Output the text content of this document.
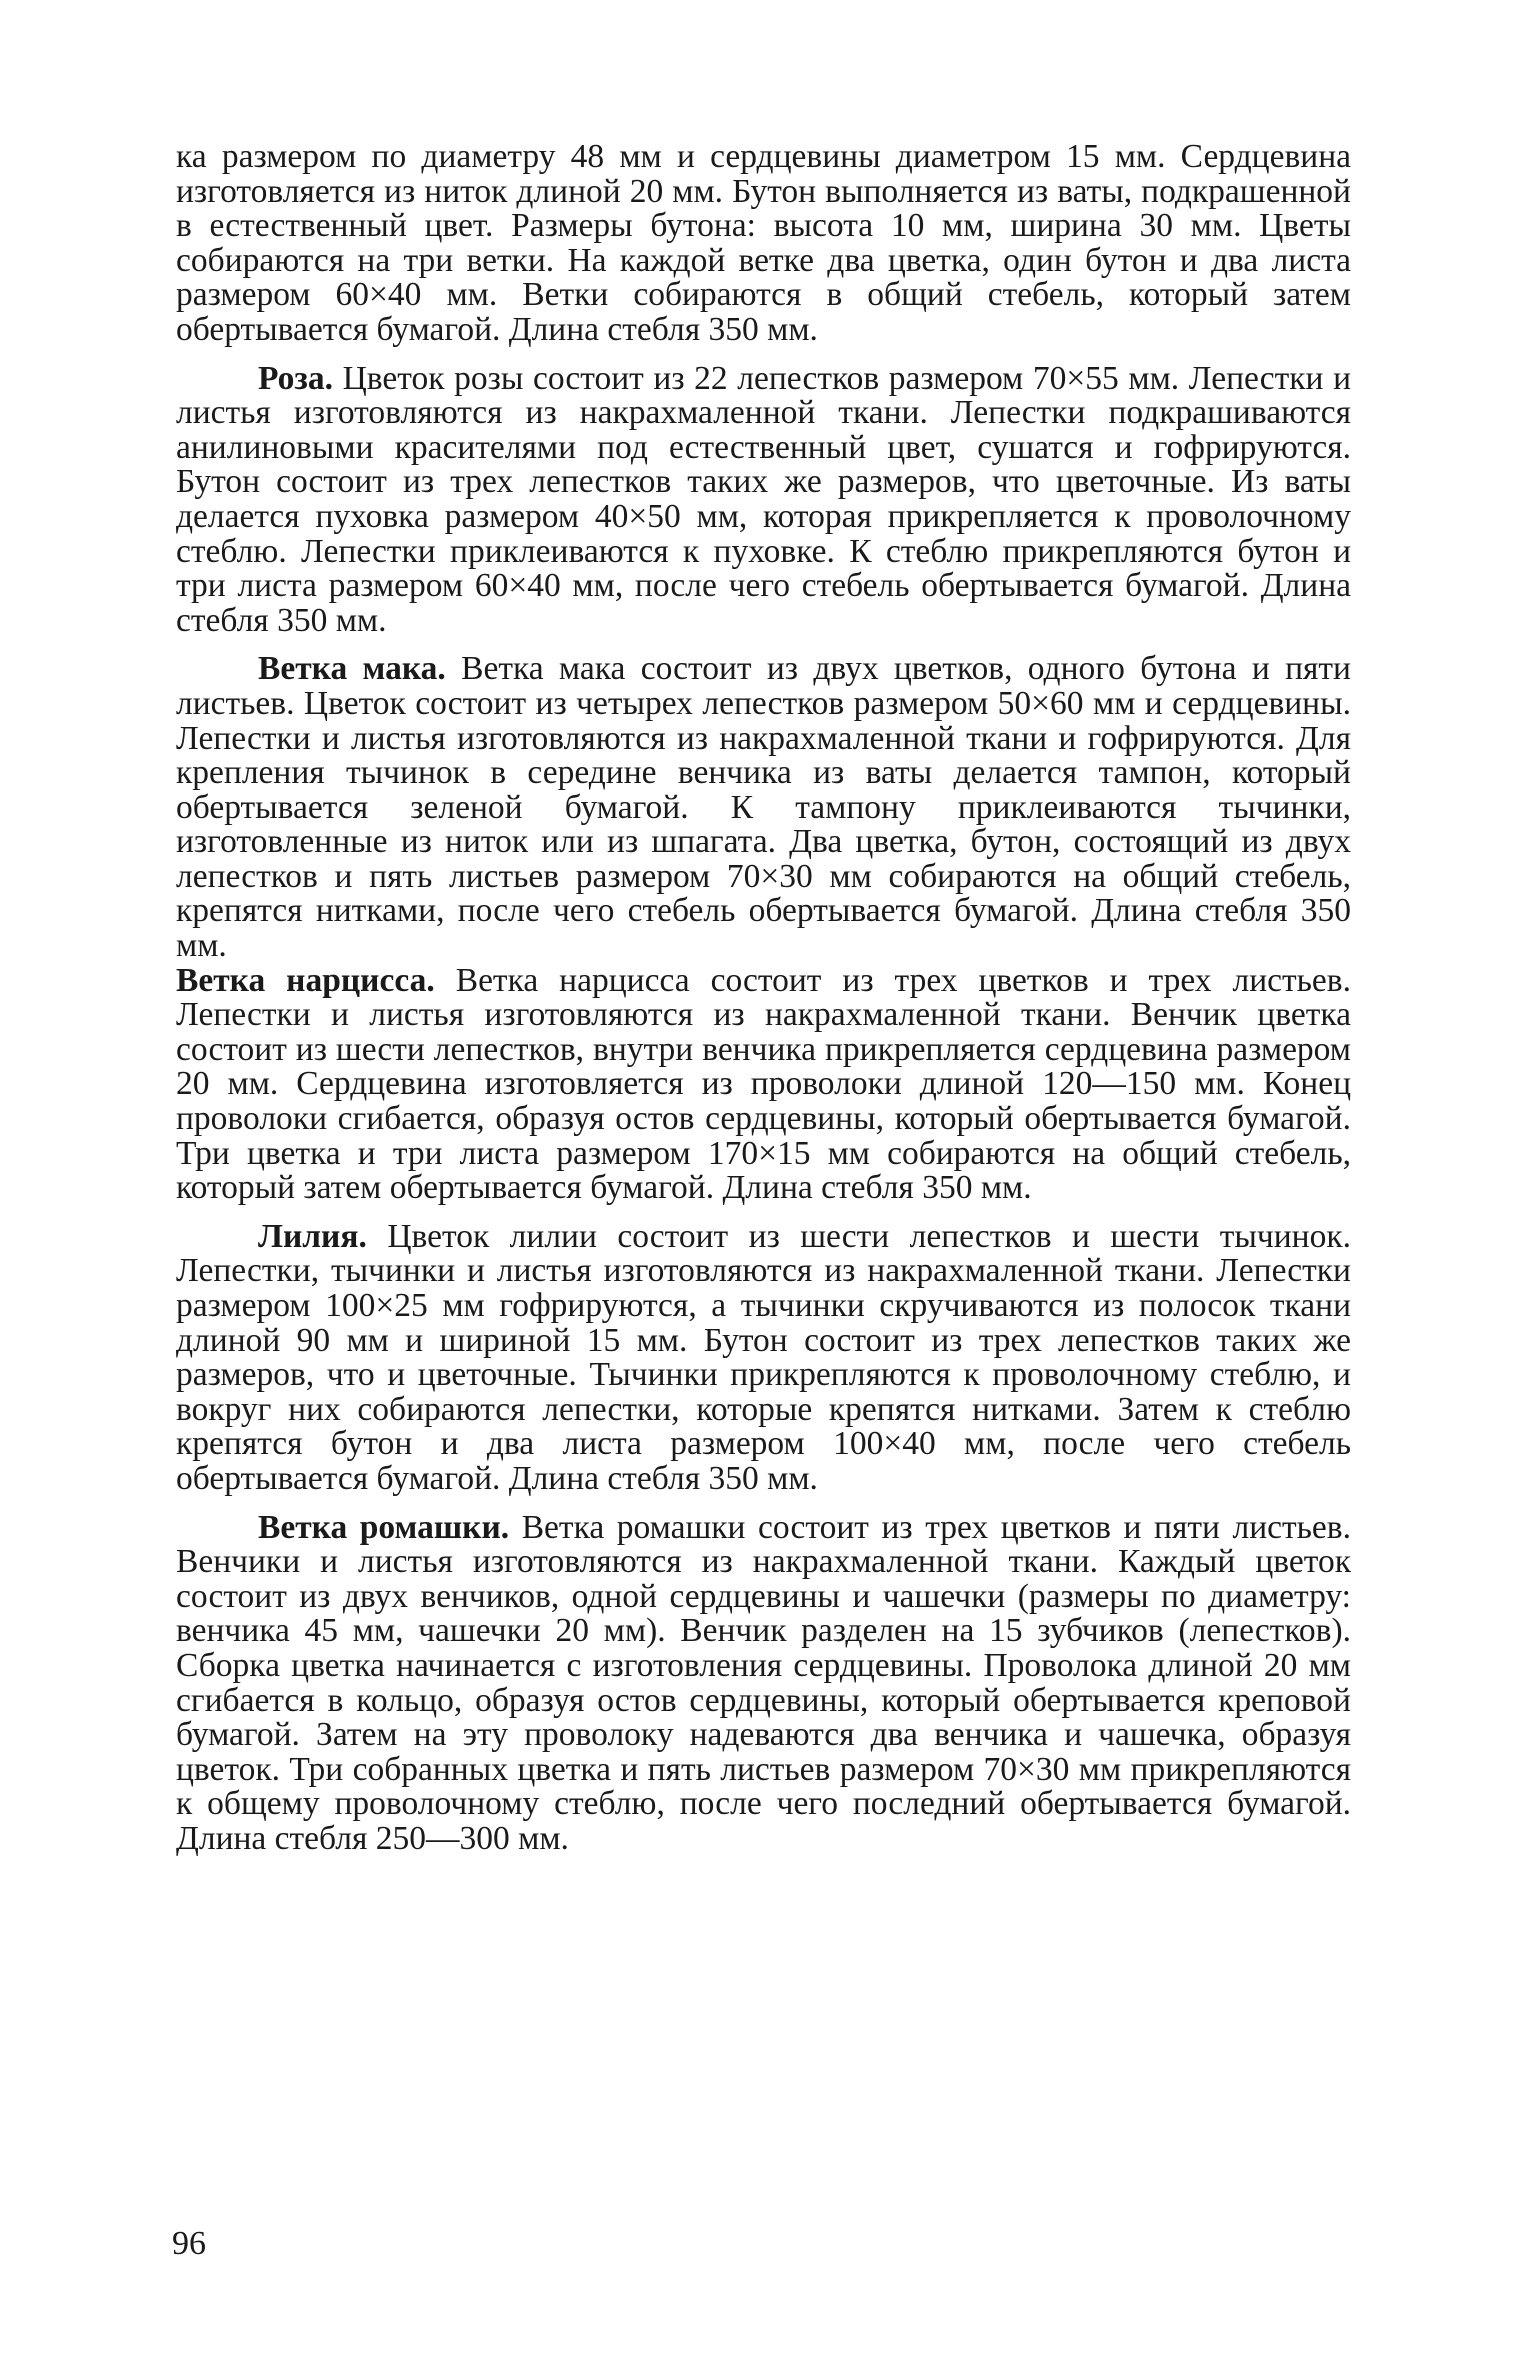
ка размером по диаметру 48 мм и сердцевины диаметром 15 мм. Сердцевина изготовляется из ниток длиной 20 мм. Бутон выполняется из ваты, подкрашенной в естественный цвет. Размеры бутона: высота 10 мм, ширина 30 мм. Цветы собираются на три ветки. На каждой ветке два цветка, один бутон и два листа размером 60×40 мм. Ветки собираются в общий стебель, который затем обертывается бумагой. Длина стебля 350 мм.

Роза. Цветок розы состоит из 22 лепестков размером 70×55 мм. Лепестки и листья изготовляются из накрахмаленной ткани. Лепестки подкрашиваются анилиновыми красителями под естественный цвет, сушатся и гофрируются. Бутон состоит из трех лепестков таких же размеров, что цветочные. Из ваты делается пуховка размером 40×50 мм, которая прикрепляется к проволочному стеблю. Лепестки приклеиваются к пуховке. К стеблю прикрепляются бутон и три листа размером 60×40 мм, после чего стебель обертывается бумагой. Длина стебля 350 мм.

Ветка мака. Ветка мака состоит из двух цветков, одного бутона и пяти листьев. Цветок состоит из четырех лепестков размером 50×60 мм и сердцевины. Лепестки и листья изготовляются из накрахмаленной ткани и гофрируются. Для крепления тычинок в середине венчика из ваты делается тампон, который обертывается зеленой бумагой. К тампону приклеиваются тычинки, изготовленные из ниток или из шпагата. Два цветка, бутон, состоящий из двух лепестков и пять листьев размером 70×30 мм собираются на общий стебель, крепятся нитками, после чего стебель обертывается бумагой. Длина стебля 350 мм.

Ветка нарцисса. Ветка нарцисса состоит из трех цветков и трех листьев. Лепестки и листья изготовляются из накрахмаленной ткани. Венчик цветка состоит из шести лепестков, внутри венчика прикрепляется сердцевина размером 20 мм. Сердцевина изготовляется из проволоки длиной 120—150 мм. Конец проволоки сгибается, образуя остов сердцевины, который обертывается бумагой. Три цветка и три листа размером 170×15 мм собираются на общий стебель, который затем обертывается бумагой. Длина стебля 350 мм.

Лилия. Цветок лилии состоит из шести лепестков и шести тычинок. Лепестки, тычинки и листья изготовляются из накрахмаленной ткани. Лепестки размером 100×25 мм гофрируются, а тычинки скручиваются из полосок ткани длиной 90 мм и шириной 15 мм. Бутон состоит из трех лепестков таких же размеров, что и цветочные. Тычинки прикрепляются к проволочному стеблю, и вокруг них собираются лепестки, которые крепятся нитками. Затем к стеблю крепятся бутон и два листа размером 100×40 мм, после чего стебель обертывается бумагой. Длина стебля 350 мм.

Ветка ромашки. Ветка ромашки состоит из трех цветков и пяти листьев. Венчики и листья изготовляются из накрахмаленной ткани. Каждый цветок состоит из двух венчиков, одной сердцевины и чашечки (размеры по диаметру: венчика 45 мм, чашечки 20 мм). Венчик разделен на 15 зубчиков (лепестков). Сборка цветка начинается с изготовления сердцевины. Проволока длиной 20 мм сгибается в кольцо, образуя остов сердцевины, который обертывается креповой бумагой. Затем на эту проволоку надеваются два венчика и чашечка, образуя цветок. Три собранных цветка и пять листьев размером 70×30 мм прикрепляются к общему проволочному стеблю, после чего последний обертывается бумагой. Длина стебля 250—300 мм.

96
